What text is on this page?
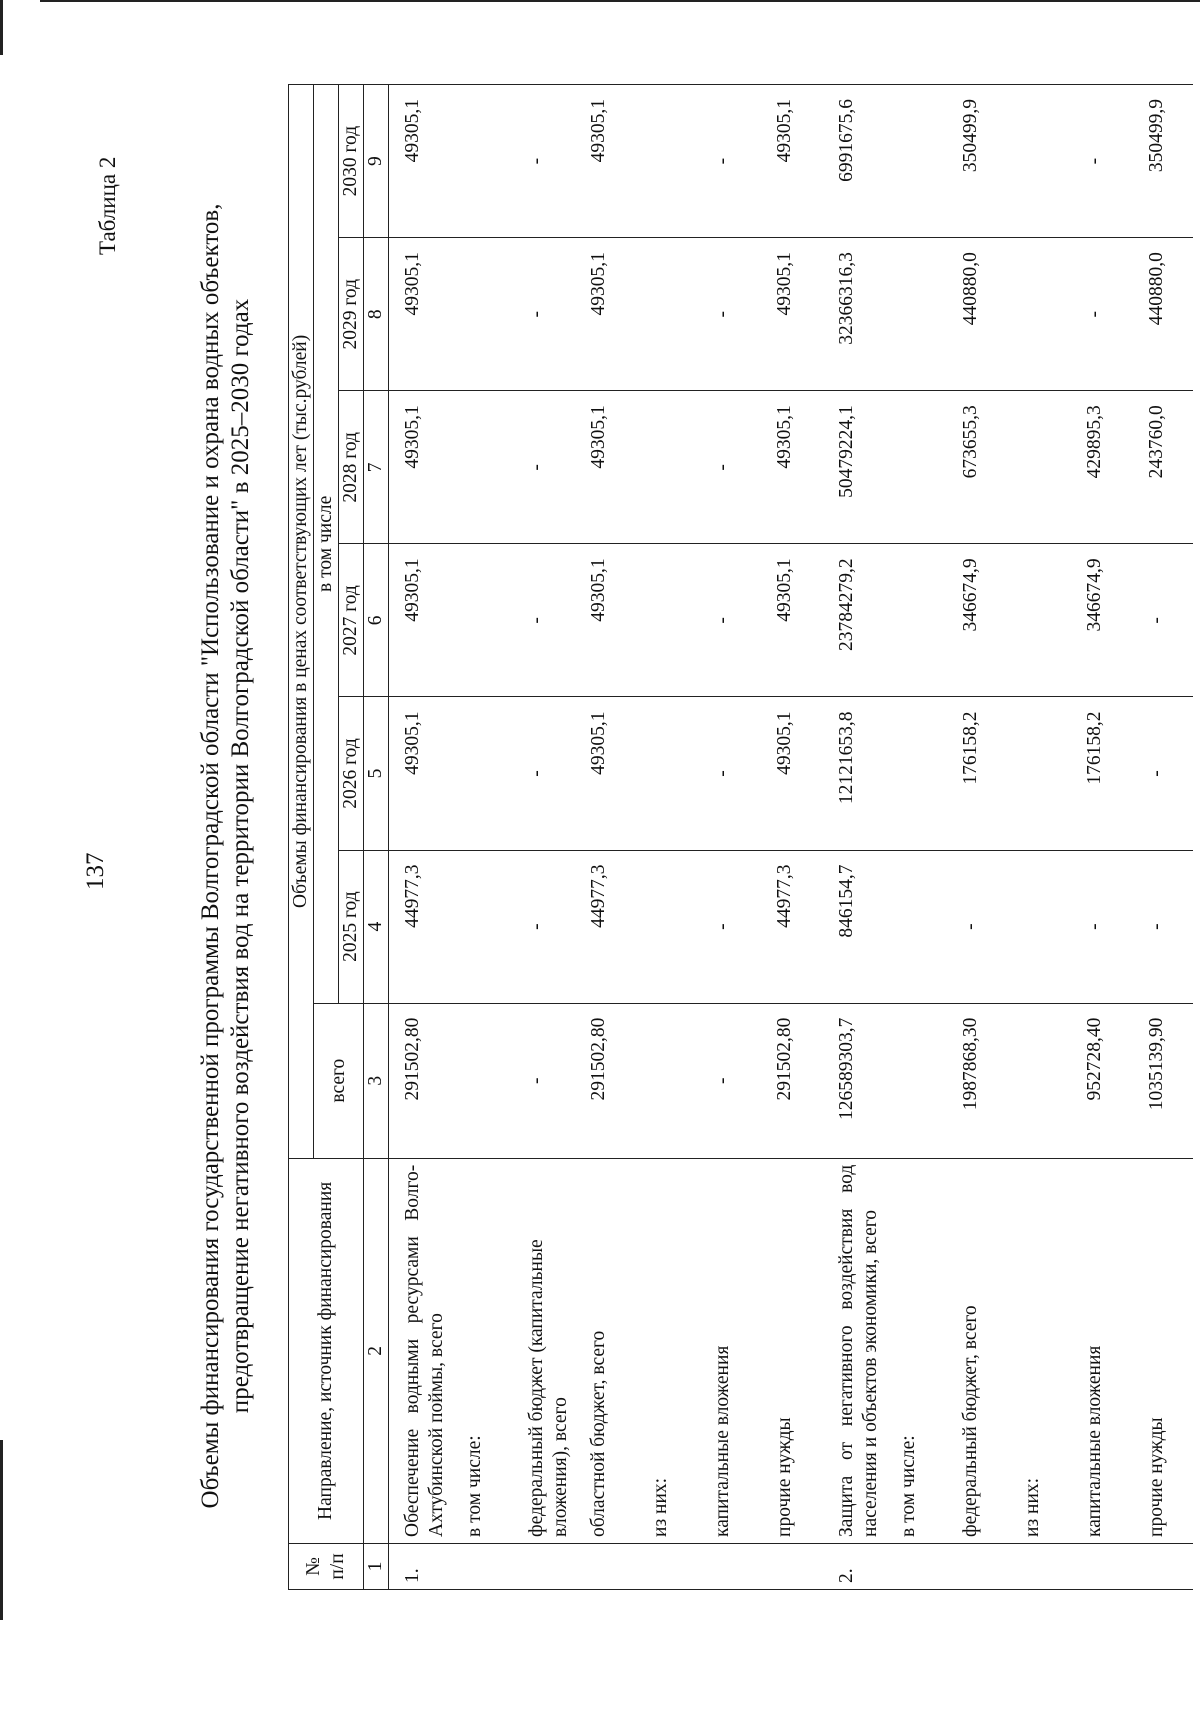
137
Таблица 2	Объемы финансирования государственной программы Волгоградской области "Использование и охрана водных объектов, предотвращение негативного воздействия вод на территории Волгоградской области" в 2025–2030 годах
№ п/п	Направление, источник финансирования	Объемы финансирования в ценах соответствующих лет (тыс.рублей)						
		всего	в том числе					
			2025 год	2026 год	2027 год	2028 год	2029 год	2030 год
1	2	3	4	5	6	7	8	9
1.	Обеспечение водными ресурсами Волго-Ахтубинской поймы, всего	291502,80	44977,3	49305,1	49305,1	49305,1	49305,1	49305,1
	в том числе:							
	федеральный бюджет (капитальные вложения), всего	-	-	-	-	-	-	-
	областной бюджет, всего	291502,80	44977,3	49305,1	49305,1	49305,1	49305,1	49305,1
	из них:							
	капитальные вложения	-	-	-	-	-	-	-
	прочие нужды	291502,80	44977,3	49305,1	49305,1	49305,1	49305,1	49305,1
2.	Защита от негативного воздействия вод населения и объектов экономики, всего	126589303,7	846154,7	12121653,8	23784279,2	50479224,1	32366316,3	6991675,6
	в том числе:							
	федеральный бюджет, всего	1987868,30	-	176158,2	346674,9	673655,3	440880,0	350499,9
	из них:							
	капитальные вложения	952728,40	-	176158,2	346674,9	429895,3	-	-
	прочие нужды	1035139,90	-	-	-	243760,0	440880,0	350499,9
